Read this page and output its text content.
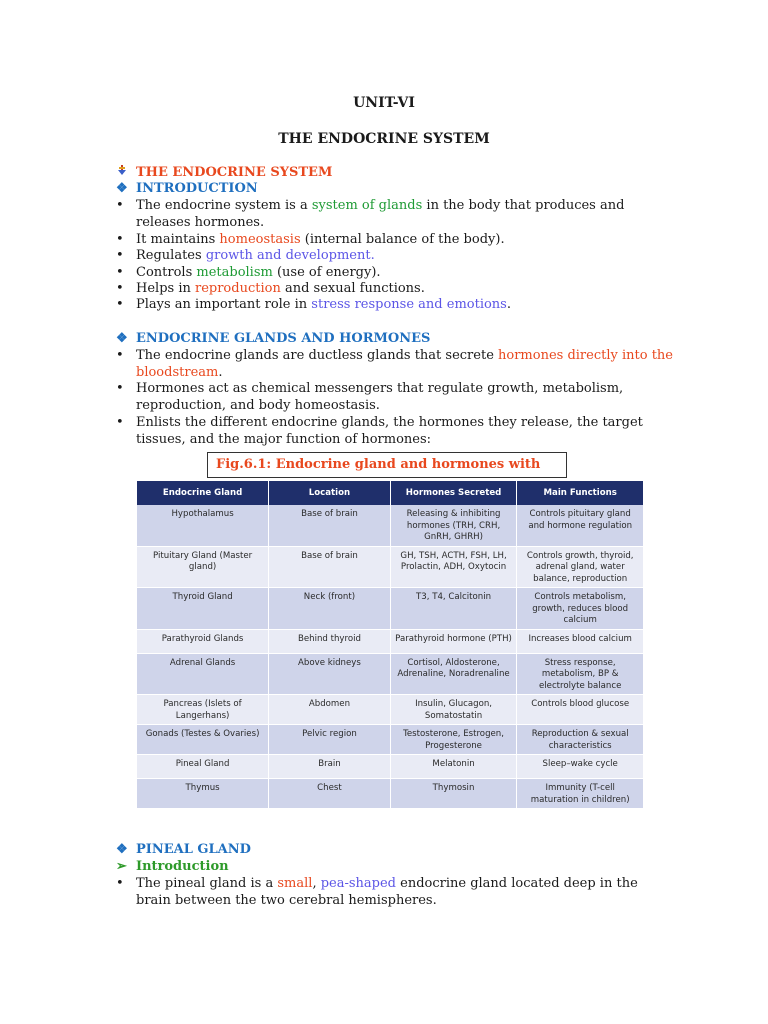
UNIT-VI
THE ENDOCRINE SYSTEM
THE ENDOCRINE SYSTEM
❖ INTRODUCTION
• The endocrine system is a system of glands in the body that produces and releases hormones.
• It maintains homeostasis (internal balance of the body).
• Regulates growth and development.
• Controls metabolism (use of energy).
• Helps in reproduction and sexual functions.
• Plays an important role in stress response and emotions.
❖ ENDOCRINE GLANDS AND HORMONES
• The endocrine glands are ductless glands that secrete hormones directly into the bloodstream.
• Hormones act as chemical messengers that regulate growth, metabolism, reproduction, and body homeostasis.
• Enlists the different endocrine glands, the hormones they release, the target tissues, and the major function of hormones:
Fig.6.1: Endocrine gland and hormones with
Endocrine Gland	Location	Hormones Secreted	Main Functions
Hypothalamus	Base of brain	Releasing & inhibiting hormones (TRH, CRH, GnRH, GHRH)	Controls pituitary gland and hormone regulation
Pituitary Gland (Master gland)	Base of brain	GH, TSH, ACTH, FSH, LH, Prolactin, ADH, Oxytocin	Controls growth, thyroid, adrenal gland, water balance, reproduction
Thyroid Gland	Neck (front)	T3, T4, Calcitonin	Controls metabolism, growth, reduces blood calcium
Parathyroid Glands	Behind thyroid	Parathyroid hormone (PTH)	Increases blood calcium
Adrenal Glands	Above kidneys	Cortisol, Aldosterone, Adrenaline, Noradrenaline	Stress response, metabolism, BP & electrolyte balance
Pancreas (Islets of Langerhans)	Abdomen	Insulin, Glucagon, Somatostatin	Controls blood glucose
Gonads (Testes & Ovaries)	Pelvic region	Testosterone, Estrogen, Progesterone	Reproduction & sexual characteristics
Pineal Gland	Brain	Melatonin	Sleep–wake cycle
Thymus	Chest	Thymosin	Immunity (T-cell maturation in children)
❖ PINEAL GLAND
➢ Introduction
• The pineal gland is a small, pea-shaped endocrine gland located deep in the brain between the two cerebral hemispheres.
